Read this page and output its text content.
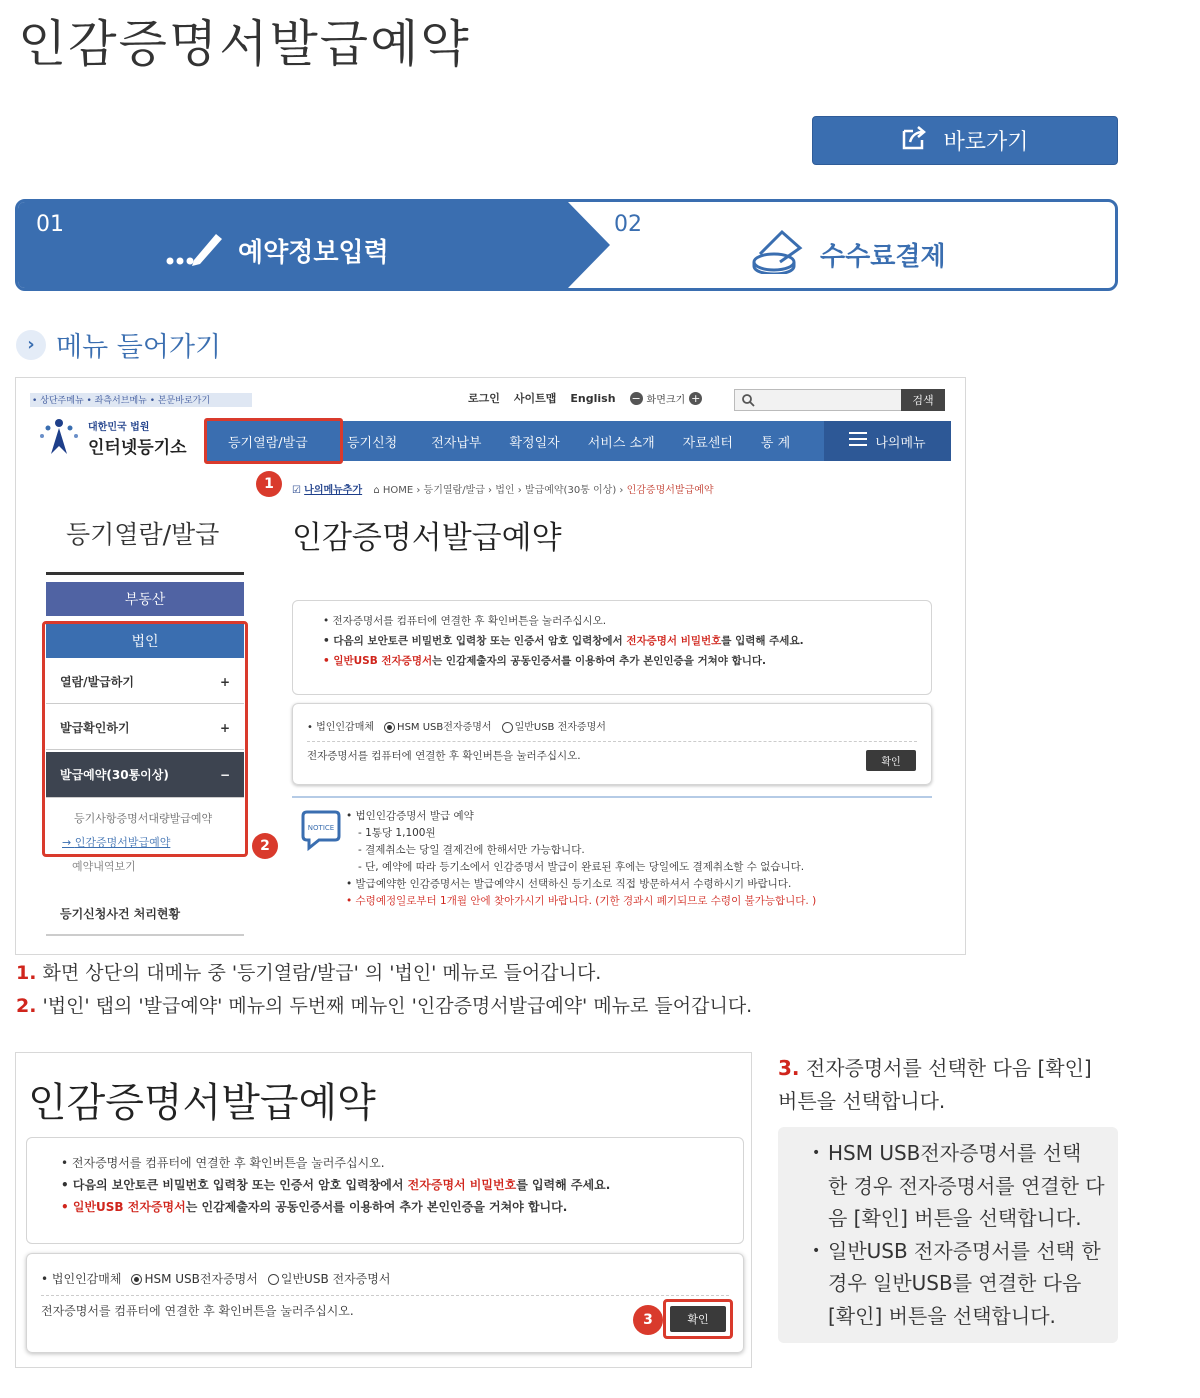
인감증명서발급예약
바로가기
01
예약정보입력
02
수수료결제
› 메뉴 들어가기
• 상단주메뉴 • 좌측서브메뉴 • 본문바로가기	로그인 사이트맵 English − 화면크기 +	검색
대한민국 법원
인터넷등기소	등기열람/발급	등기신청	전자납부	확정일자	서비스 소개	자료센터	통 계	나의메뉴
1	☑ 나의메뉴추가 ⌂ HOME › 등기열람/발급 › 법인 › 발급예약(30통 이상) › 인감증명서발급예약
등기열람/발급
부동산
법인
열람/발급하기	+
발급확인하기	+
발급예약(30통이상)	−
등기사항증명서대량발급예약
→ 인감증명서발급예약
예약내역보기
2
등기신청사건 처리현황
인감증명서발급예약
• 전자증명서를 컴퓨터에 연결한 후 확인버튼을 눌러주십시오.
• 다음의 보안토큰 비밀번호 입력창 또는 인증서 암호 입력창에서 전자증명서 비밀번호를 입력해 주세요.
• 일반USB 전자증명서는 인감제출자의 공동인증서를 이용하여 추가 본인인증을 거쳐야 합니다.
• 법인인감매체	HSM USB전자증명서	일반USB 전자증명서
전자증명서를 컴퓨터에 연결한 후 확인버튼을 눌러주십시오.
확인
NOTICE
• 법인인감증명서 발급 예약
- 1통당 1,100원
- 결제취소는 당일 결제건에 한해서만 가능합니다.
- 단, 예약에 따라 등기소에서 인감증명서 발급이 완료된 후에는 당일에도 결제취소할 수 없습니다.
• 발급예약한 인감증명서는 발급예약시 선택하신 등기소로 직접 방문하셔서 수령하시기 바랍니다.
• 수령예정일로부터 1개월 안에 찾아가시기 바랍니다. (기한 경과시 폐기되므로 수령이 불가능합니다. )
1. 화면 상단의 대메뉴 중 '등기열람/발급' 의 '법인' 메뉴로 들어갑니다.
2. '법인' 탭의 '발급예약' 메뉴의 두번째 메뉴인 '인감증명서발급예약' 메뉴로 들어갑니다.
인감증명서발급예약
• 전자증명서를 컴퓨터에 연결한 후 확인버튼을 눌러주십시오.
• 다음의 보안토큰 비밀번호 입력창 또는 인증서 암호 입력창에서 전자증명서 비밀번호를 입력해 주세요.
• 일반USB 전자증명서는 인감제출자의 공동인증서를 이용하여 추가 본인인증을 거쳐야 합니다.
• 법인인감매체	HSM USB전자증명서	일반USB 전자증명서
전자증명서를 컴퓨터에 연결한 후 확인버튼을 눌러주십시오.
확인
3
3. 전자증명서를 선택한 다음 [확인]
버튼을 선택합니다.
• HSM USB전자증명서를 선택 한 경우 전자증명서를 연결한 다음 [확인] 버튼을 선택합니다.
• 일반USB 전자증명서를 선택 한 경우 일반USB를 연결한 다음 [확인] 버튼을 선택합니다.
